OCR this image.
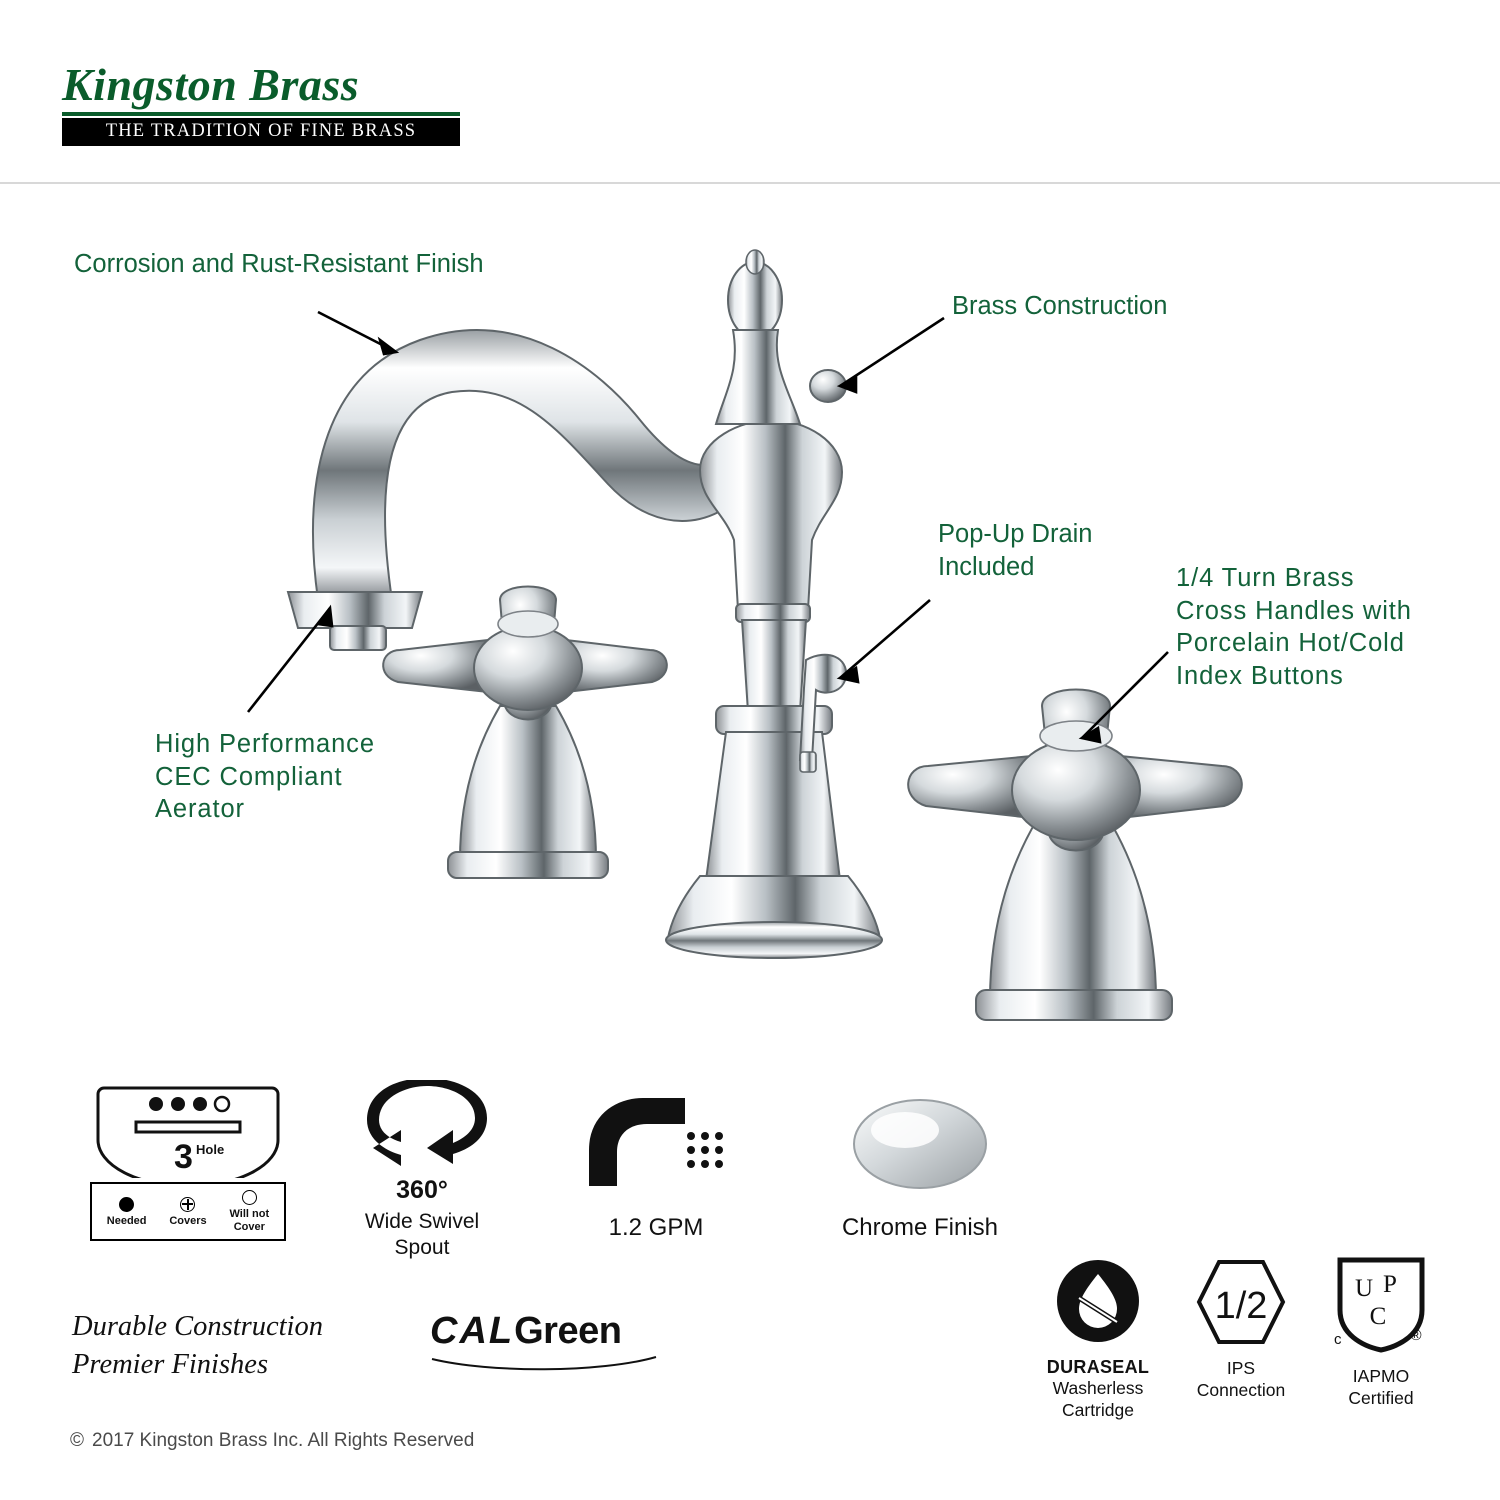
Kingston Brass
THE TRADITION OF FINE BRASS
Corrosion and Rust-Resistant Finish
Brass Construction
Pop-Up Drain
Included	1/4 Turn Brass
Cross Handles with
Porcelain Hot/Cold
Index Buttons
High Performance
CEC Compliant
Aerator
3 Hole
Needed	Covers
Will not Cover
360°
Wide Swivel
Spout
1.2 GPM	Chrome Finish
Durable Construction
Premier Finishes
CALGreen
DURASEAL
Washerless
Cartridge
1/2
IPS
Connection
U P
C
®
c
IAPMO
Certified
© 2017 Kingston Brass Inc. All Rights Reserved
